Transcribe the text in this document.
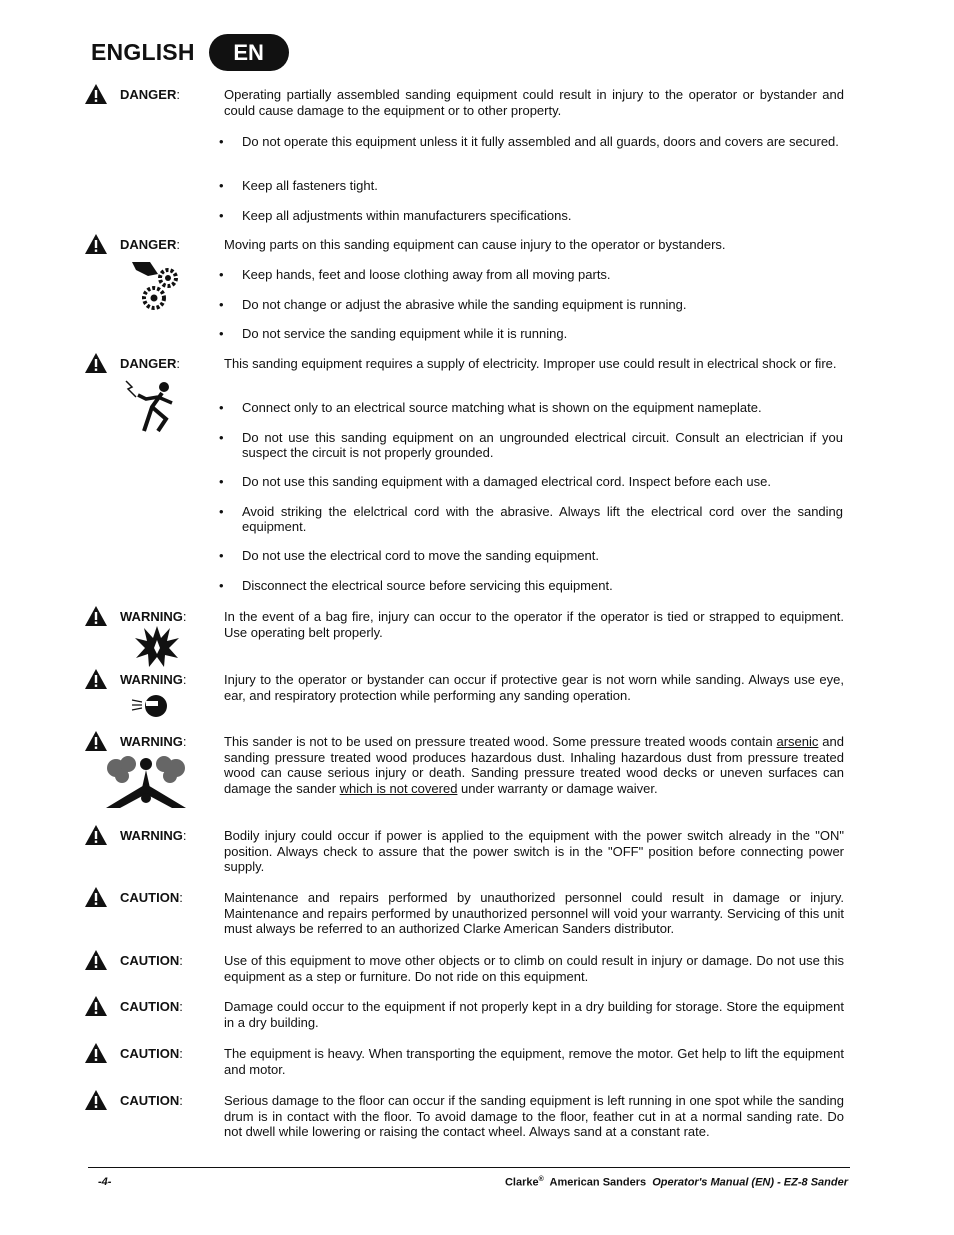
ENGLISH	EN
DANGER:	Operating partially assembled sanding equipment could result in injury to the operator or bystander and could cause damage to the equipment or to other property.
•	Do not operate this equipment unless it it fully assembled and all guards, doors and covers are secured.
•	Keep all fasteners tight.
•	Keep all adjustments within manufacturers specifications.
DANGER:	Moving parts on this sanding equipment can cause injury to the operator or bystanders.
•	Keep hands, feet and loose clothing away from all moving parts.
•	Do not change or adjust the abrasive while the sanding equipment is running.
•	Do not service the sanding equipment while it is running.
DANGER:	This sanding equipment requires a supply of electricity. Improper use could result in electrical shock or fire.
•	Connect only to an electrical source matching what is shown on the equipment nameplate.
•	Do not use this sanding equipment on an ungrounded electrical circuit. Consult an electrician if you suspect the circuit is not properly grounded.
•	Do not use this sanding equipment with a damaged electrical cord. Inspect before each use.
•	Avoid striking the elelctrical cord with the abrasive. Always lift the electrical cord over the sanding equipment.
•	Do not use the electrical cord to move the sanding equipment.
•	Disconnect the electrical source before servicing this equipment.
WARNING:	In the event of a bag fire, injury can occur to the operator if the operator is tied or strapped to equipment. Use operating belt properly.
WARNING:	Injury to the operator or bystander can occur if protective gear is not worn while sanding. Always use eye, ear, and respiratory protection while performing any sanding operation.
WARNING:	This sander is not to be used on pressure treated wood. Some pressure treated woods contain arsenic and sanding pressure treated wood produces hazardous dust. Inhaling hazardous dust from pressure treated wood can cause serious injury or death. Sanding pressure treated wood decks or uneven surfaces can damage the sander which is not covered under warranty or damage waiver.
WARNING:	Bodily injury could occur if power is applied to the equipment with the power switch already in the "ON" position. Always check to assure that the power switch is in the "OFF" position before connecting power supply.
CAUTION:	Maintenance and repairs performed by unauthorized personnel could result in damage or injury. Maintenance and repairs performed by unauthorized personnel will void your warranty. Servicing of this unit must always be referred to an authorized Clarke American Sanders distributor.
CAUTION:	Use of this equipment to move other objects or to climb on could result in injury or damage. Do not use this equipment as a step or furniture. Do not ride on this equipment.
CAUTION:	Damage could occur to the equipment if not properly kept in a dry building for storage. Store the equipment in a dry building.
CAUTION:	The equipment is heavy. When transporting the equipment, remove the motor. Get help to lift the equipment and motor.
CAUTION:	Serious damage to the floor can occur if the sanding equipment is left running in one spot while the sanding drum is in contact with the floor. To avoid damage to the floor, feather cut in at a normal sanding rate. Do not dwell while lowering or raising the contact wheel. Always sand at a constant rate.
-4-	Clarke® American Sanders Operator's Manual (EN) - EZ-8 Sander
